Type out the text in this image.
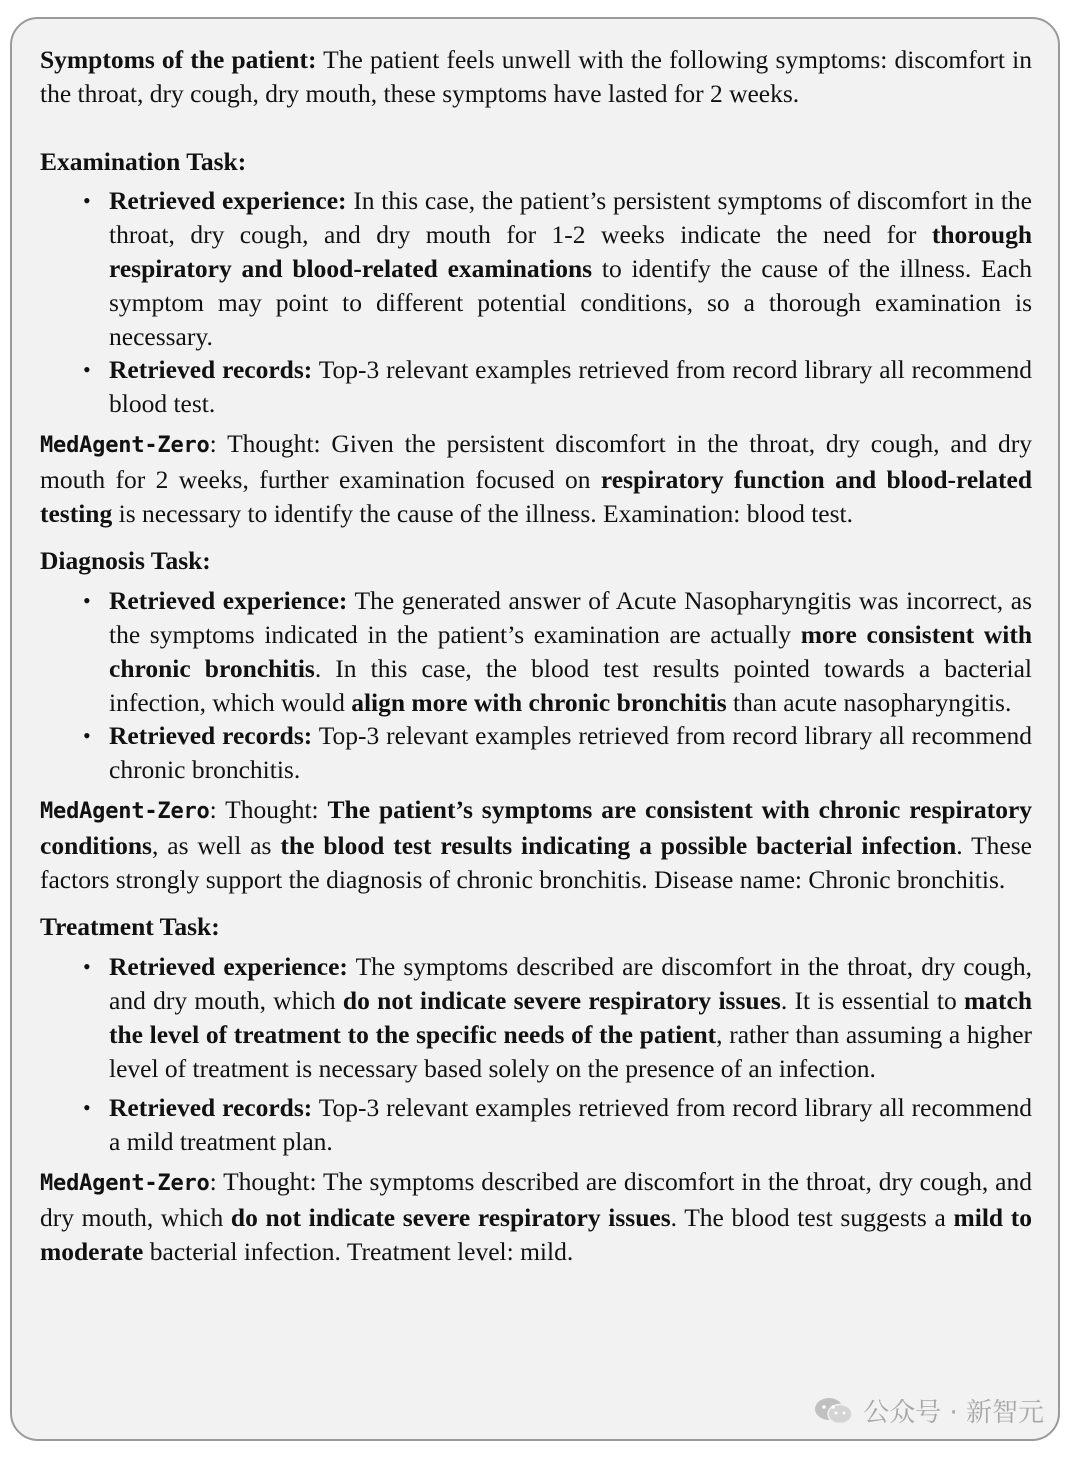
Symptoms of the patient: The patient feels unwell with the following symptoms: discomfort in the throat, dry cough, dry mouth, these symptoms have lasted for 2 weeks.

Examination Task:

• Retrieved experience: In this case, the patient’s persistent symptoms of discomfort in the throat, dry cough, and dry mouth for 1-2 weeks indicate the need for thorough respiratory and blood-related examinations to identify the cause of the illness. Each symptom may point to different potential conditions, so a thorough examination is necessary.
• Retrieved records: Top-3 relevant examples retrieved from record library all recommend blood test.

MedAgent-Zero: Thought: Given the persistent discomfort in the throat, dry cough, and dry mouth for 2 weeks, further examination focused on respiratory function and blood-related testing is necessary to identify the cause of the illness. Examination: blood test.

Diagnosis Task:

• Retrieved experience: The generated answer of Acute Nasopharyngitis was incorrect, as the symptoms indicated in the patient’s examination are actually more consistent with chronic bronchitis. In this case, the blood test results pointed towards a bacterial infection, which would align more with chronic bronchitis than acute nasopharyngitis.
• Retrieved records: Top-3 relevant examples retrieved from record library all recommend chronic bronchitis.

MedAgent-Zero: Thought: The patient’s symptoms are consistent with chronic respiratory conditions, as well as the blood test results indicating a possible bacterial infection. These factors strongly support the diagnosis of chronic bronchitis. Disease name: Chronic bronchitis.

Treatment Task:

• Retrieved experience: The symptoms described are discomfort in the throat, dry cough, and dry mouth, which do not indicate severe respiratory issues. It is essential to match the level of treatment to the specific needs of the patient, rather than assuming a higher level of treatment is necessary based solely on the presence of an infection.
• Retrieved records: Top-3 relevant examples retrieved from record library all recommend a mild treatment plan.

MedAgent-Zero: Thought: The symptoms described are discomfort in the throat, dry cough, and dry mouth, which do not indicate severe respiratory issues. The blood test suggests a mild to moderate bacterial infection. Treatment level: mild.

公众号 · 新智元
